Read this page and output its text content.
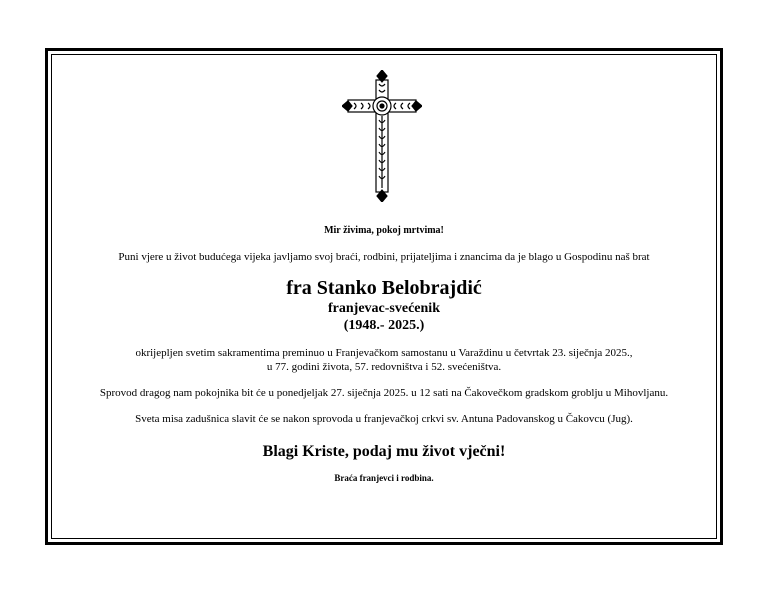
Mir živima, pokoj mrtvima!

Puni vjere u život budućega vijeka javljamo svoj braći, rodbini, prijateljima i znancima da je blago u Gospodinu naš brat

fra Stanko Belobrajdić

franjevac-svećenik

(1948.- 2025.)

okrijepljen svetim sakramentima preminuo u Franjevačkom samostanu u Varaždinu u četvrtak 23. siječnja 2025.,

u 77. godini života, 57. redovništva i 52. svećeništva.

Sprovod dragog nam pokojnika bit će u ponedjeljak 27. siječnja 2025. u 12 sati na Čakovečkom gradskom groblju u Mihovljanu.

Sveta misa zadušnica slavit će se nakon sprovoda u franjevačkoj crkvi sv. Antuna Padovanskog u Čakovcu (Jug).

Blagi Kriste, podaj mu život vječni!

Braća franjevci i rodbina.
